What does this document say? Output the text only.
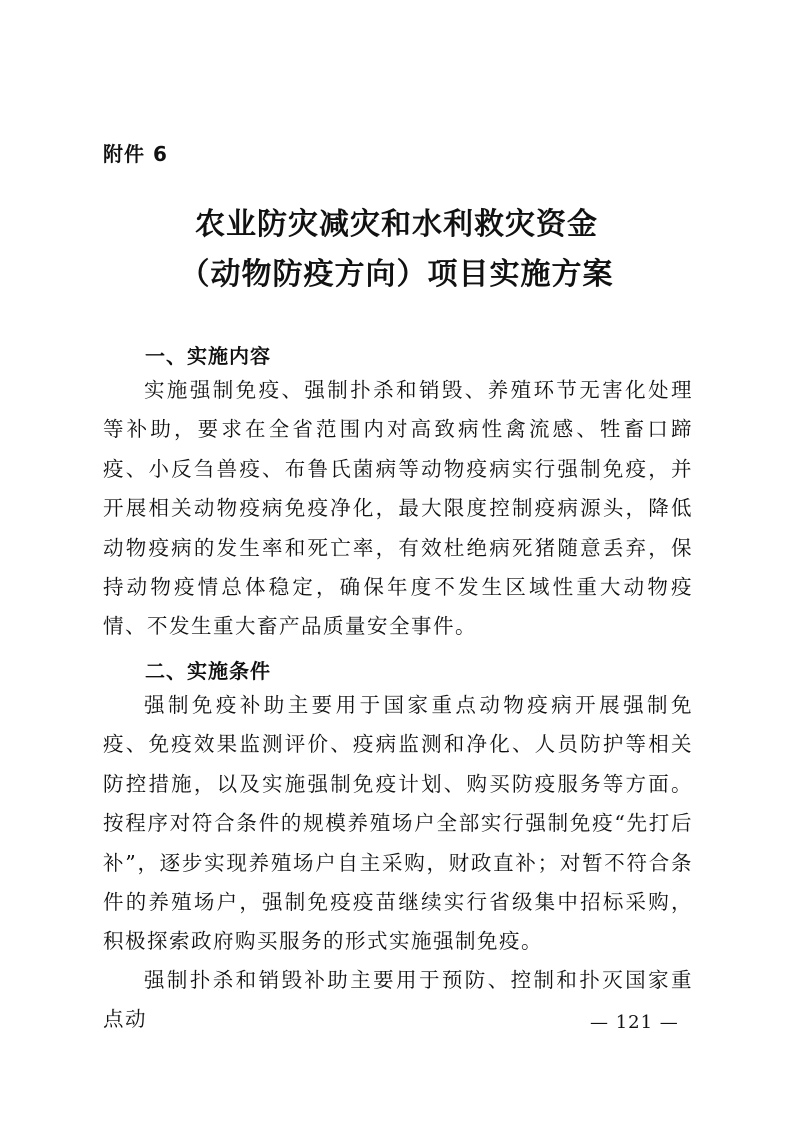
附件 6
农业防灾减灾和水利救灾资金
（动物防疫方向）项目实施方案
一、实施内容

实施强制免疫、强制扑杀和销毁、养殖环节无害化处理等补助，要求在全省范围内对高致病性禽流感、牲畜口蹄疫、小反刍兽疫、布鲁氏菌病等动物疫病实行强制免疫，并开展相关动物疫病免疫净化，最大限度控制疫病源头，降低动物疫病的发生率和死亡率，有效杜绝病死猪随意丢弃，保持动物疫情总体稳定，确保年度不发生区域性重大动物疫情、不发生重大畜产品质量安全事件。

二、实施条件

强制免疫补助主要用于国家重点动物疫病开展强制免疫、免疫效果监测评价、疫病监测和净化、人员防护等相关防控措施，以及实施强制免疫计划、购买防疫服务等方面。按程序对符合条件的规模养殖场户全部实行强制免疫“先打后补”，逐步实现养殖场户自主采购，财政直补；对暂不符合条件的养殖场户，强制免疫疫苗继续实行省级集中招标采购，积极探索政府购买服务的形式实施强制免疫。

强制扑杀和销毁补助主要用于预防、控制和扑灭国家重点动	— 121 —
